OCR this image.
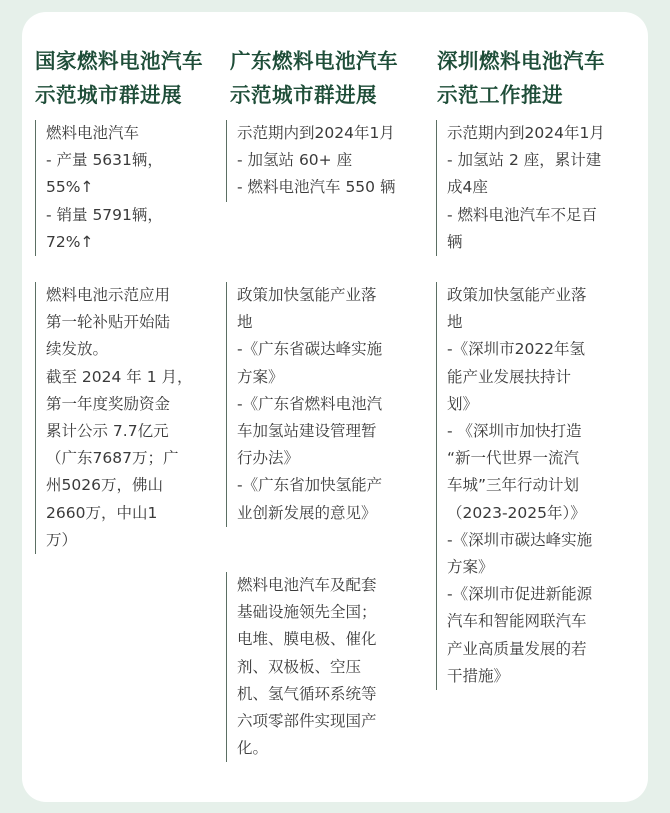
国家燃料电池汽车
示范城市群进展
燃料电池汽车
- 产量 5631辆，
55%↑
- 销量 5791辆，
72%↑
燃料电池示范应用
第一轮补贴开始陆
续发放。
截至 2024 年 1 月，
第一年度奖励资金
累计公示 7.7亿元
（广东7687万；广
州5026万，佛山
2660万，中山1
万）
广东燃料电池汽车
示范城市群进展
示范期内到2024年1月
- 加氢站 60+ 座
- 燃料电池汽车 550 辆
政策加快氢能产业落
地
-《广东省碳达峰实施
方案》
-《广东省燃料电池汽
车加氢站建设管理暂
行办法》
-《广东省加快氢能产
业创新发展的意见》
燃料电池汽车及配套
基础设施领先全国；
电堆、膜电极、催化
剂、双极板、空压
机、氢气循环系统等
六项零部件实现国产
化。
深圳燃料电池汽车
示范工作推进
示范期内到2024年1月
- 加氢站 2 座，累计建
成4座
- 燃料电池汽车不足百
辆
政策加快氢能产业落
地
-《深圳市2022年氢
能产业发展扶持计
划》
- 《深圳市加快打造
“新一代世界一流汽
车城”三年行动计划
（2023-2025年）》
-《深圳市碳达峰实施
方案》
-《深圳市促进新能源
汽车和智能网联汽车
产业高质量发展的若
干措施》
